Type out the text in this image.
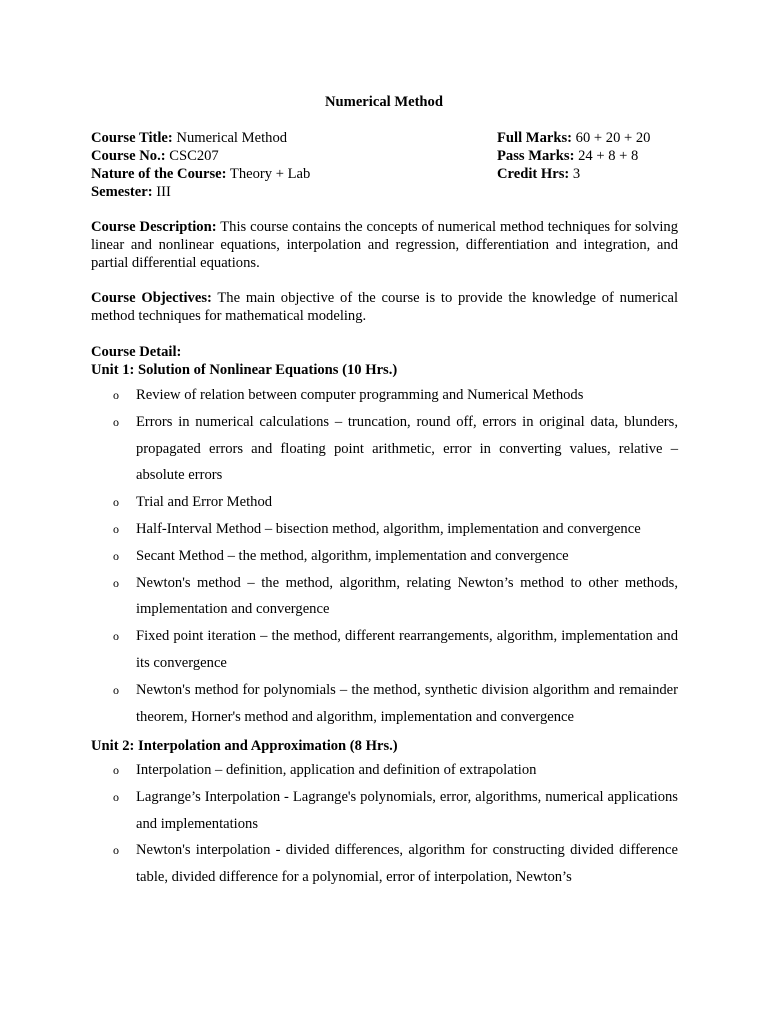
Numerical Method
Course Title: Numerical Method	Full Marks: 60 + 20 + 20
Course No.: CSC207	Pass Marks: 24 + 8 + 8
Nature of the Course: Theory + Lab	Credit Hrs: 3
Semester: III
Course Description: This course contains the concepts of numerical method techniques for solving linear and nonlinear equations, interpolation and regression, differentiation and integration, and partial differential equations.
Course Objectives: The main objective of the course is to provide the knowledge of numerical method techniques for mathematical modeling.
Course Detail:
Unit 1: Solution of Nonlinear Equations (10 Hrs.)
o Review of relation between computer programming and Numerical Methods
o Errors in numerical calculations – truncation, round off, errors in original data, blunders, propagated errors and floating point arithmetic, error in converting values, relative – absolute errors
o Trial and Error Method
o Half-Interval Method – bisection method, algorithm, implementation and convergence
o Secant Method – the method, algorithm, implementation and convergence
o Newton's method – the method, algorithm, relating Newton’s method to other methods, implementation and convergence
o Fixed point iteration – the method, different rearrangements, algorithm, implementation and its convergence
o Newton's method for polynomials – the method, synthetic division algorithm and remainder theorem, Horner's method and algorithm, implementation and convergence
Unit 2: Interpolation and Approximation (8 Hrs.)
o Interpolation – definition, application and definition of extrapolation
o Lagrange’s Interpolation - Lagrange's polynomials, error, algorithms, numerical applications and implementations
o Newton's interpolation - divided differences, algorithm for constructing divided difference table, divided difference for a polynomial, error of interpolation, Newton’s
